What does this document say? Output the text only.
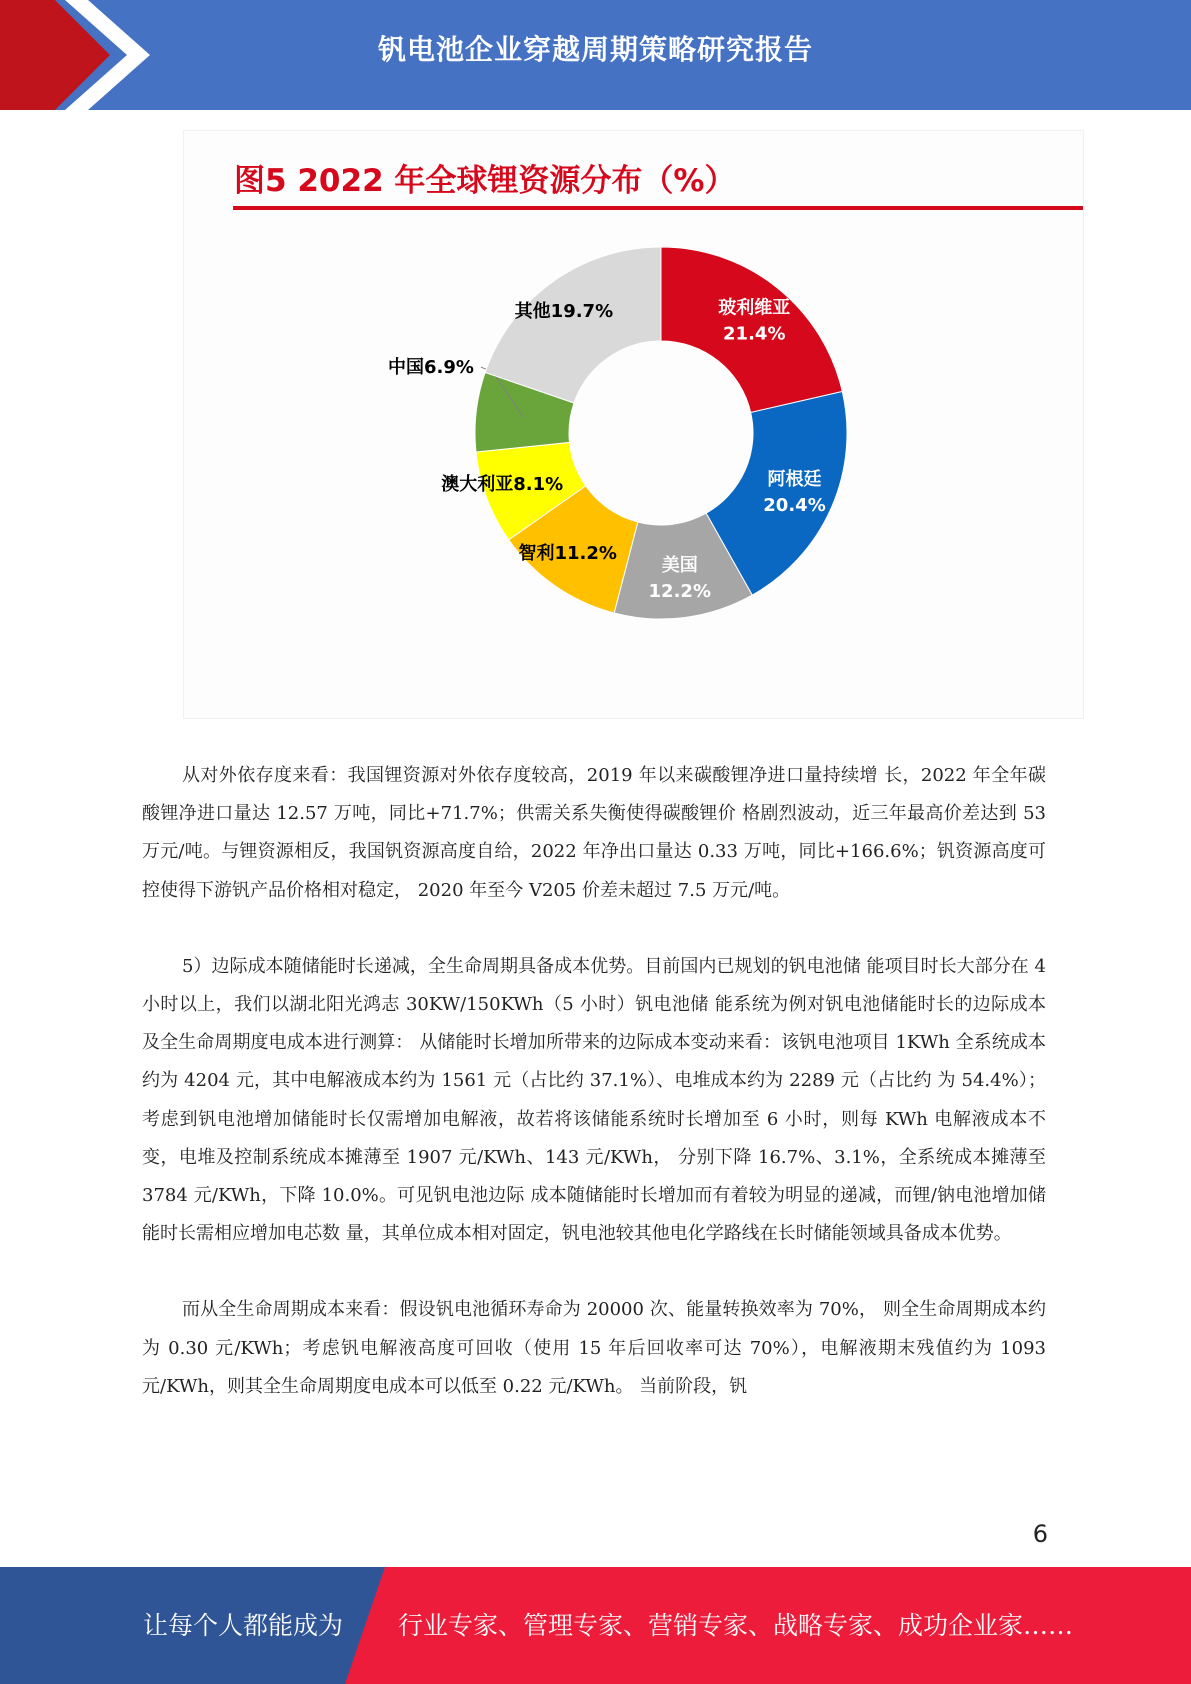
钒电池企业穿越周期策略研究报告
图5 2022 年全球锂资源分布（%）
玻利维亚 21.4%
阿根廷 20.4%
美国 12.2%
智利11.2%
澳大利亚8.1%
中国6.9%
其他19.7%

从对外依存度来看：我国锂资源对外依存度较高，2019 年以来碳酸锂净进口量持续增 长，2022 年全年碳酸锂净进口量达 12.57 万吨，同比+71.7%；供需关系失衡使得碳酸锂价 格剧烈波动，近三年最高价差达到 53 万元/吨。与锂资源相反，我国钒资源高度自给，2022 年净出口量达 0.33 万吨，同比+166.6%；钒资源高度可控使得下游钒产品价格相对稳定， 2020 年至今 V205 价差未超过 7.5 万元/吨。

5）边际成本随储能时长递减，全生命周期具备成本优势。目前国内已规划的钒电池储 能项目时长大部分在 4 小时以上，我们以湖北阳光鸿志 30KW/150KWh（5 小时）钒电池储 能系统为例对钒电池储能时长的边际成本及全生命周期度电成本进行测算： 从储能时长增加所带来的边际成本变动来看：该钒电池项目 1KWh 全系统成本约为 4204 元，其中电解液成本约为 1561 元（占比约 37.1%）、电堆成本约为 2289 元（占比约 为 54.4%）；考虑到钒电池增加储能时长仅需增加电解液，故若将该储能系统时长增加至 6 小时，则每 KWh 电解液成本不变，电堆及控制系统成本摊薄至 1907 元/KWh、143 元/KWh， 分别下降 16.7%、3.1%，全系统成本摊薄至 3784 元/KWh，下降 10.0%。可见钒电池边际 成本随储能时长增加而有着较为明显的递减，而锂/钠电池增加储能时长需相应增加电芯数 量，其单位成本相对固定，钒电池较其他电化学路线在长时储能领域具备成本优势。

而从全生命周期成本来看：假设钒电池循环寿命为 20000 次、能量转换效率为 70%， 则全生命周期成本约为 0.30 元/KWh；考虑钒电解液高度可回收（使用 15 年后回收率可达 70%），电解液期末残值约为 1093 元/KWh，则其全生命周期度电成本可以低至 0.22 元/KWh。 当前阶段，钒

6
让每个人都能成为 行业专家、管理专家、营销专家、战略专家、成功企业家……
